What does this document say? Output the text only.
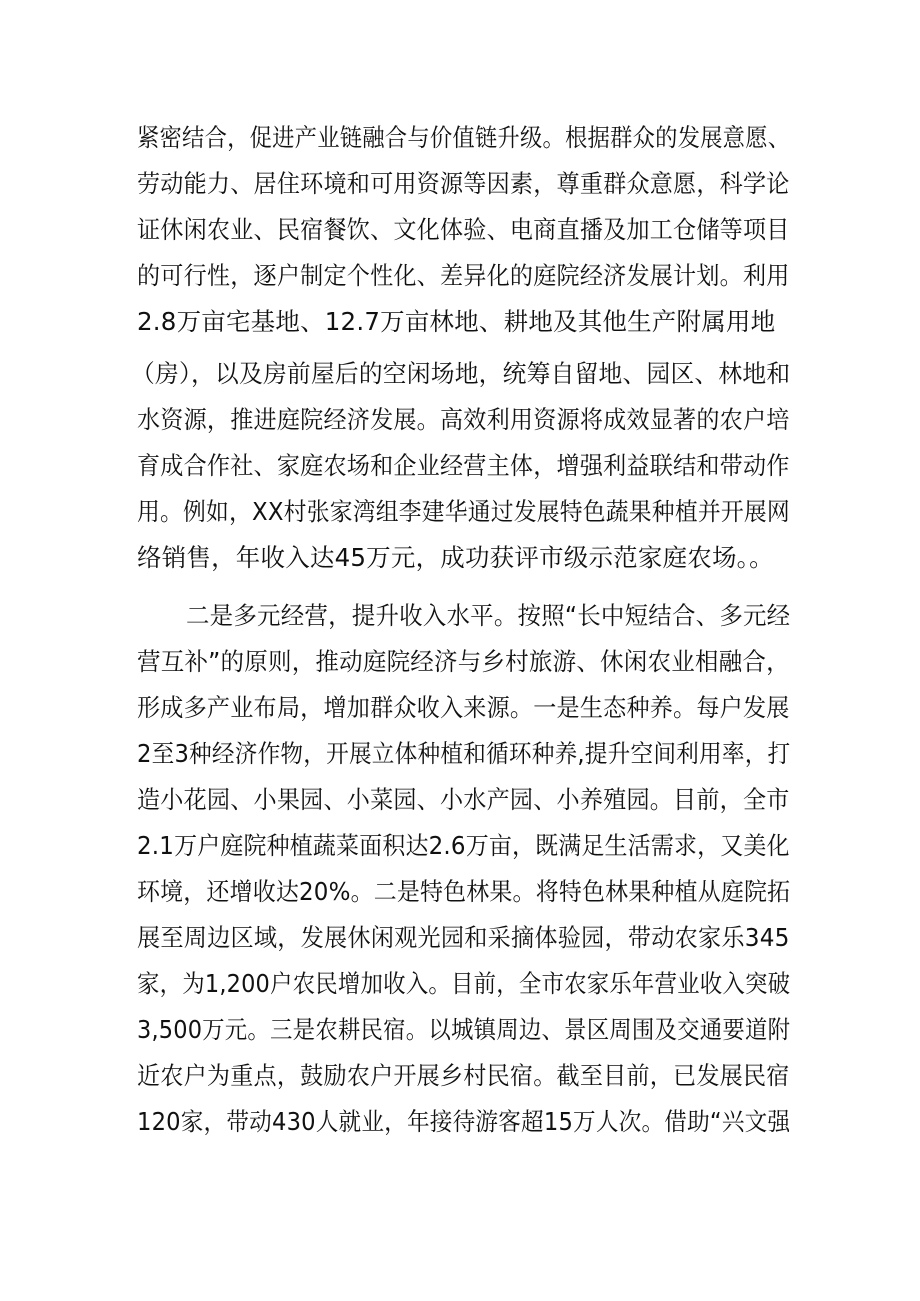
紧密结合，促进产业链融合与价值链升级。根据群众的发展意愿、
劳动能力、居住环境和可用资源等因素，尊重群众意愿，科学论
证休闲农业、民宿餐饮、文化体验、电商直播及加工仓储等项目
的可行性，逐户制定个性化、差异化的庭院经济发展计划。利用
2.8万亩宅基地、12.7万亩林地、耕地及其他生产附属用地
（房），以及房前屋后的空闲场地，统筹自留地、园区、林地和
水资源，推进庭院经济发展。高效利用资源将成效显著的农户培
育成合作社、家庭农场和企业经营主体，增强利益联结和带动作
用。例如，XX村张家湾组李建华通过发展特色蔬果种植并开展网
络销售，年收入达45万元，成功获评市级示范家庭农场。。
二是多元经营，提升收入水平。按照“长中短结合、多元经
营互补”的原则，推动庭院经济与乡村旅游、休闲农业相融合，
形成多产业布局，增加群众收入来源。一是生态种养。每户发展
2至3种经济作物，开展立体种植和循环种养,提升空间利用率，打
造小花园、小果园、小菜园、小水产园、小养殖园。目前，全市
2.1万户庭院种植蔬菜面积达2.6万亩，既满足生活需求，又美化
环境，还增收达20%。二是特色林果。将特色林果种植从庭院拓
展至周边区域，发展休闲观光园和采摘体验园，带动农家乐345
家，为1,200户农民增加收入。目前，全市农家乐年营业收入突破
3,500万元。三是农耕民宿。以城镇周边、景区周围及交通要道附
近农户为重点，鼓励农户开展乡村民宿。截至目前，已发展民宿
120家，带动430人就业，年接待游客超15万人次。借助“兴文强
